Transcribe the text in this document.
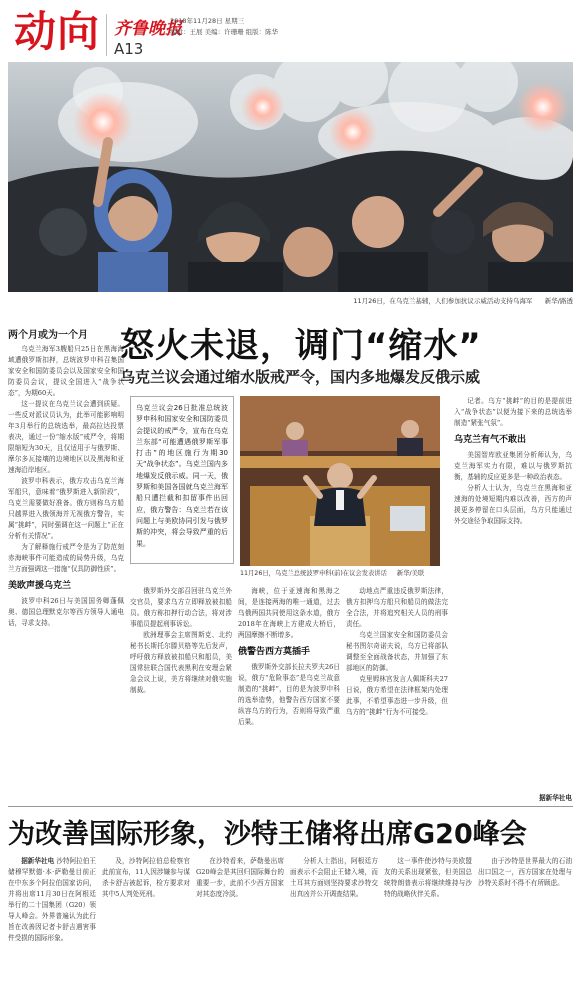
动向 齐鲁晚报
A13
2018年11月28日 星期三
编辑：王展 美编：许珊珊 组版：陈华
11月26日，在乌克兰基辅，人们参加抗议示威活动支持乌海军 新华/路透
两个月或为一个月 怒火未退，调门“缩水”
乌克兰议会通过缩水版戒严令，国内多地爆发反俄示威

乌克兰海军3艘船只25日在黑海海域遭俄罗斯扣押，总统波罗申科召集国家安全和国防委员会以及国家安全和国防委员会议，提议全国进入“战争状态”，为期60天。

这一提议在乌克兰议会遭到质疑。一些反对派议员认为，此举可能影响明年3月举行的总统选举，最高拉达投票表决，通过一份“缩水版”戒严令，将期限缩短为30天，且仅适用于与俄罗斯、摩尔多瓦接壤的边境地区以及黑海和亚速海沿岸地区。

波罗申科表示，俄方攻击乌克兰海军船只，意味着“俄罗斯进入新阶段”，乌克兰需要做好准备。俄方则称乌方船只越界进入俄领海并无视俄方警告，实属“挑衅”，同时强调在这一问题上“正在分析有关情况”。

为了解释施行戒严令是为了防范刻赤海峡事件可能造成的局势升级，乌克兰方面强调这一措施“仅具防御性质”。

美欧声援乌克兰

波罗申科26日与美国国务卿蓬佩奥、德国总理默克尔等西方领导人通电话，寻求支持。

乌克兰议会26日批准总统波罗申科和国家安全和国防委员会提议的戒严令，宣布在乌克兰东部“可能遭遇俄罗斯军事打击”的地区施行为期30天“战争状态”。乌克兰国内多地爆发反俄示威。同一天，俄罗斯和美国各国就乌克兰海军船只遭拦截和扣留事件出回应，俄方警告：乌克兰若在该问题上与美欧协同引发与俄罗斯的冲突，将会导致严重的后果。
11月26日，乌克兰总统波罗申科(前)在议会发表讲话 新华/美联

俄罗斯外交部召回驻乌克兰外交官员，要求乌方立即释放被扣船员。俄方称扣押行动合法，将对涉事船员提起刑事诉讼。

欧洲理事会主席图斯克、北约秘书长斯托尔滕贝格等先后发声，呼吁俄方释放被扣船只和船员，美国常驻联合国代表黑利在安理会紧急会议上说，美方将继续对俄实施制裁。

海峡，位于亚速海和黑海之间，是连接两海的唯一通道，过去乌俄两国共同使用这条水道，俄方2018年在海峡上方建成大桥后，两国摩擦不断增多。

俄警告西方莫插手

俄罗斯外交部长拉夫罗夫26日说，俄方“危险事态”是乌克兰故意制造的“挑衅”，目的是为波罗申科的选举造势，他警告西方国家不要纵容乌方的行为，否则将导致严重后果。

动地点严重违反俄罗斯法律，俄方扣押乌方船只和船员的做法完全合法，并将追究相关人员的刑事责任。

乌克兰国家安全和国防委员会秘书图尔奇诺夫说，乌方已将部队调整至全面战备状态，并加强了东部地区的防御。

克里姆林宫发言人佩斯科夫27日说，俄方希望在法律框架内处理此事，不希望事态进一步升级，但乌方的“挑衅”行为不可接受。

记者。乌方“挑衅”的目的是提前进入“战争状态”以便为接下来的总统选举制造“紧张气氛”。

乌克兰有气不敢出

美国智库欧亚集团分析师认为，乌克兰海军实力有限，难以与俄罗斯抗衡，基辅的反应更多是一种政治表态。

分析人士认为，乌克兰在黑海和亚速海的处境短期内难以改善，西方的声援更多停留在口头层面，乌方只能通过外交途径争取国际支持。

据新华社电
为改善国际形象，沙特王储将出席G20峰会

据新华社电 沙特阿拉伯王储穆罕默德·本·萨勒曼目前正在中东多个阿拉伯国家访问，并将出席11月30日在阿根廷举行的二十国集团（G20）领导人峰会。外界普遍认为此行旨在改善因记者卡舒吉遇害事件受损的国际形象。

及，沙特阿拉伯总检察官此前宣布，11人因涉嫌参与谋杀卡舒吉被起诉，检方要求对其中5人判处死刑。

在沙特看来，萨勒曼出席G20峰会是其回归国际舞台的重要一步，此前不少西方国家对其态度冷淡。

分析人士指出，阿根廷方面表示不会阻止王储入境，而土耳其方面则坚持要求沙特交出真凶并公开调查结果。

这一事件使沙特与美欧盟友的关系出现紧张，但美国总统特朗普表示将继续维持与沙特的战略伙伴关系。

由于沙特是世界最大的石油出口国之一，西方国家在处理与沙特关系时不得不有所顾虑。
